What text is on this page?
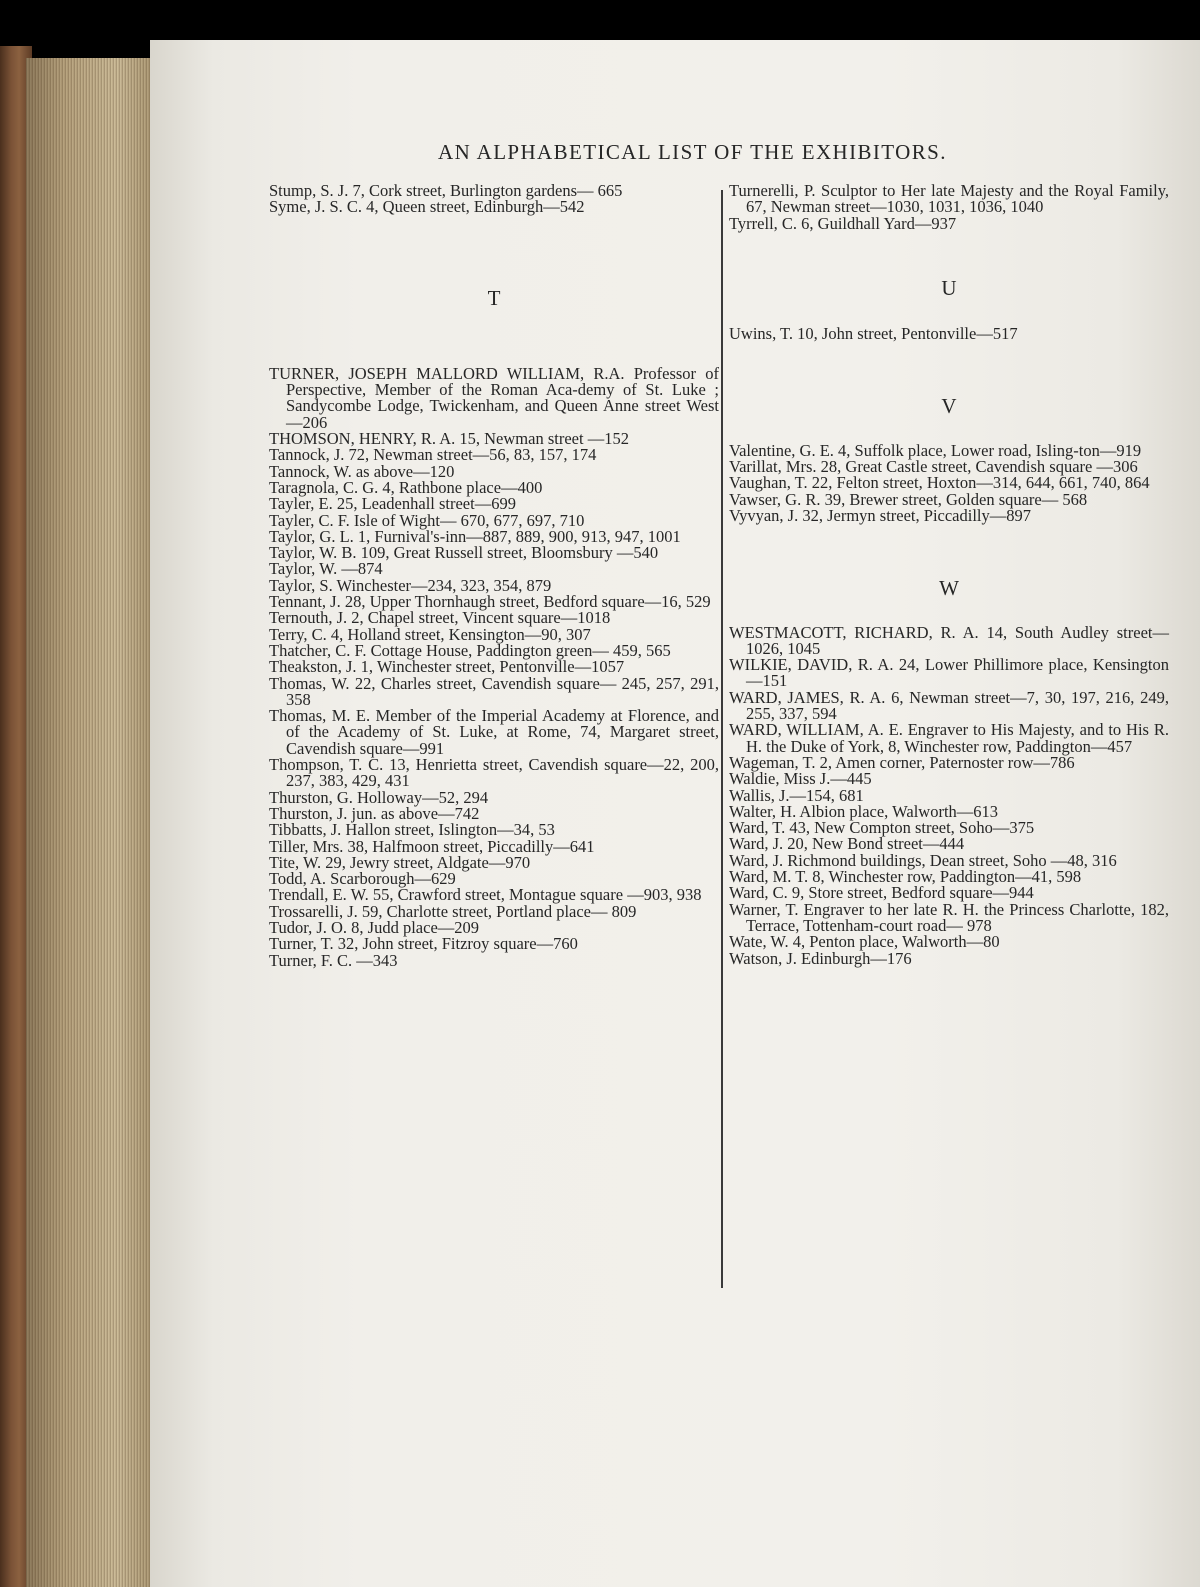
AN ALPHABETICAL LIST OF THE EXHIBITORS.

Stump, S. J. 7, Cork street, Burlington gardens— 665

Syme, J. S. C. 4, Queen street, Edinburgh—542

T

TURNER, JOSEPH MALLORD WILLIAM, R.A. Professor of Perspective, Member of the Roman Aca-demy of St. Luke ; Sandycombe Lodge, Twickenham, and Queen Anne street West—206

THOMSON, HENRY, R. A. 15, Newman street —152

Tannock, J. 72, Newman street—56, 83, 157, 174

Tannock, W. as above—120

Taragnola, C. G. 4, Rathbone place—400

Tayler, E. 25, Leadenhall street—699

Tayler, C. F. Isle of Wight— 670, 677, 697, 710

Taylor, G. L. 1, Furnival's-inn—887, 889, 900, 913, 947, 1001

Taylor, W. B. 109, Great Russell street, Bloomsbury —540

Taylor, W. —874

Taylor, S. Winchester—234, 323, 354, 879

Tennant, J. 28, Upper Thornhaugh street, Bedford square—16, 529

Ternouth, J. 2, Chapel street, Vincent square—1018

Terry, C. 4, Holland street, Kensington—90, 307

Thatcher, C. F. Cottage House, Paddington green— 459, 565

Theakston, J. 1, Winchester street, Pentonville—1057

Thomas, W. 22, Charles street, Cavendish square— 245, 257, 291, 358

Thomas, M. E. Member of the Imperial Academy at Florence, and of the Academy of St. Luke, at Rome, 74, Margaret street, Cavendish square—991

Thompson, T. C. 13, Henrietta street, Cavendish square—22, 200, 237, 383, 429, 431

Thurston, G. Holloway—52, 294

Thurston, J. jun. as above—742

Tibbatts, J. Hallon street, Islington—34, 53

Tiller, Mrs. 38, Halfmoon street, Piccadilly—641

Tite, W. 29, Jewry street, Aldgate—970

Todd, A. Scarborough—629

Trendall, E. W. 55, Crawford street, Montague square —903, 938

Trossarelli, J. 59, Charlotte street, Portland place— 809

Tudor, J. O. 8, Judd place—209

Turner, T. 32, John street, Fitzroy square—760

Turner, F. C. —343

Turnerelli, P. Sculptor to Her late Majesty and the Royal Family, 67, Newman street—1030, 1031, 1036, 1040

Tyrrell, C. 6, Guildhall Yard—937

U

Uwins, T. 10, John street, Pentonville—517

V

Valentine, G. E. 4, Suffolk place, Lower road, Isling-ton—919

Varillat, Mrs. 28, Great Castle street, Cavendish square —306

Vaughan, T. 22, Felton street, Hoxton—314, 644, 661, 740, 864

Vawser, G. R. 39, Brewer street, Golden square— 568

Vyvyan, J. 32, Jermyn street, Piccadilly—897

W

WESTMACOTT, RICHARD, R. A. 14, South Audley street—1026, 1045

WILKIE, DAVID, R. A. 24, Lower Phillimore place, Kensington—151

WARD, JAMES, R. A. 6, Newman street—7, 30, 197, 216, 249, 255, 337, 594

WARD, WILLIAM, A. E. Engraver to His Majesty, and to His R. H. the Duke of York, 8, Winchester row, Paddington—457

Wageman, T. 2, Amen corner, Paternoster row—786

Waldie, Miss J.—445

Wallis, J.—154, 681

Walter, H. Albion place, Walworth—613

Ward, T. 43, New Compton street, Soho—375

Ward, J. 20, New Bond street—444

Ward, J. Richmond buildings, Dean street, Soho —48, 316

Ward, M. T. 8, Winchester row, Paddington—41, 598

Ward, C. 9, Store street, Bedford square—944

Warner, T. Engraver to her late R. H. the Princess Charlotte, 182, Terrace, Tottenham-court road— 978

Wate, W. 4, Penton place, Walworth—80

Watson, J. Edinburgh—176
